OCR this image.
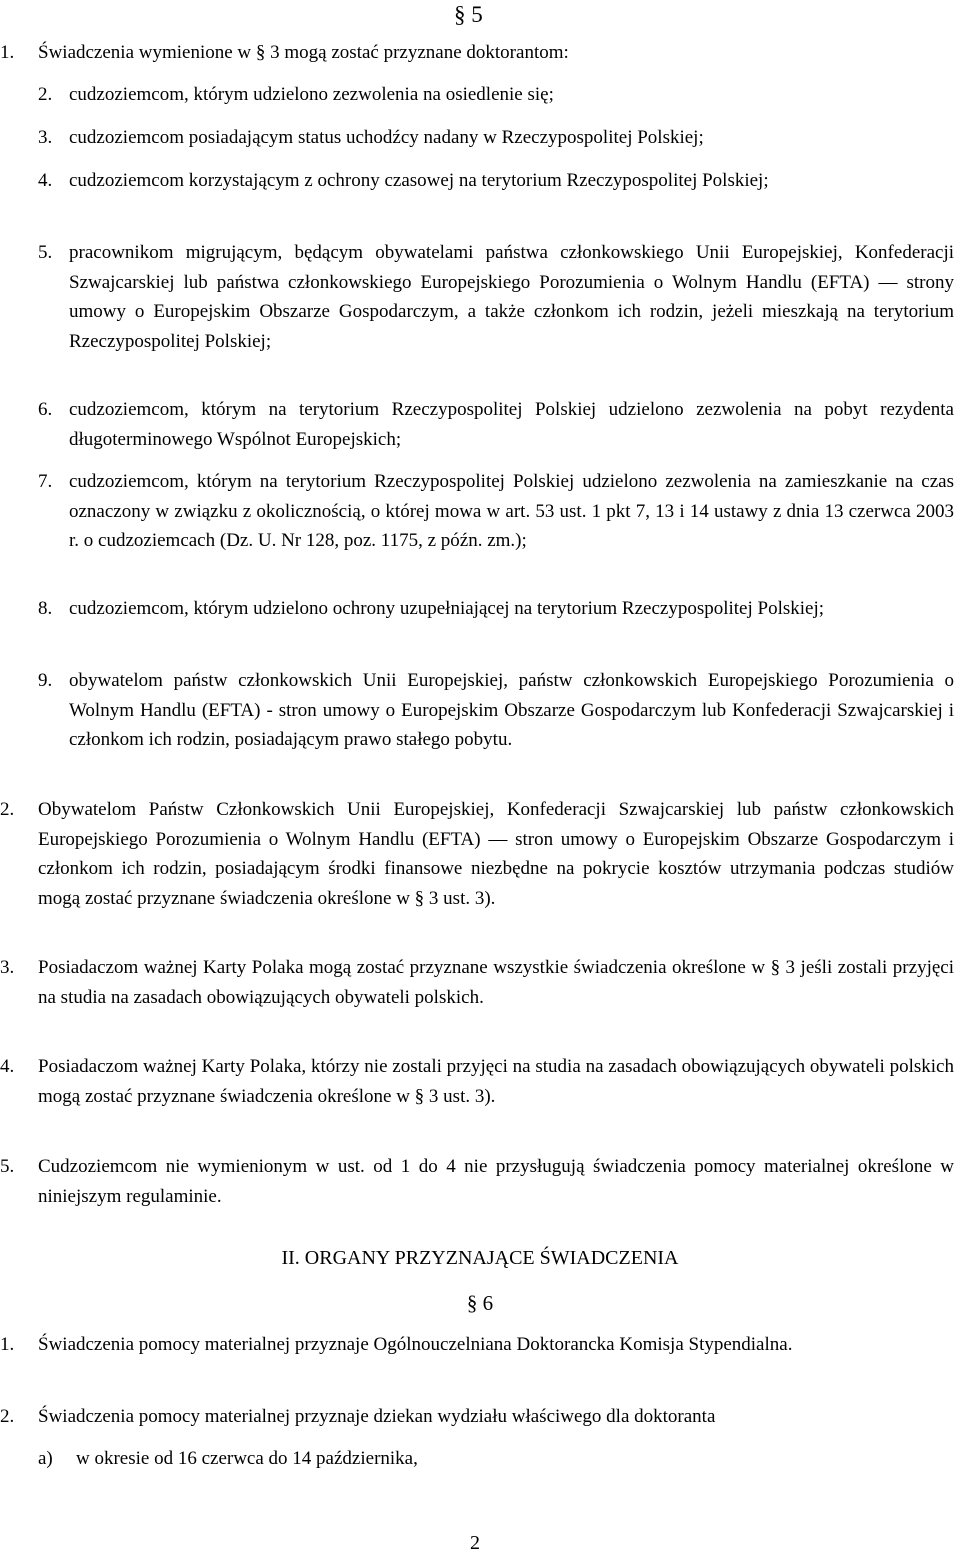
§ 5
1. Świadczenia wymienione w § 3 mogą zostać przyznane doktorantom:
2. cudzoziemcom, którym udzielono zezwolenia na osiedlenie się;
3. cudzoziemcom posiadającym status uchodźcy nadany w Rzeczypospolitej Polskiej;
4. cudzoziemcom korzystającym z ochrony czasowej na terytorium Rzeczypospolitej Polskiej;
5. pracownikom migrującym, będącym obywatelami państwa członkowskiego Unii Europejskiej, Konfederacji Szwajcarskiej lub państwa członkowskiego Europejskiego Porozumienia o Wolnym Handlu (EFTA) — strony umowy o Europejskim Obszarze Gospodarczym, a także członkom ich rodzin, jeżeli mieszkają na terytorium Rzeczypospolitej Polskiej;
6. cudzoziemcom, którym na terytorium Rzeczypospolitej Polskiej udzielono zezwolenia na pobyt rezydenta długoterminowego Wspólnot Europejskich;
7. cudzoziemcom, którym na terytorium Rzeczypospolitej Polskiej udzielono zezwolenia na zamieszkanie na czas oznaczony w związku z okolicznością, o której mowa w art. 53 ust. 1 pkt 7, 13 i 14 ustawy z dnia 13 czerwca 2003 r. o cudzoziemcach (Dz. U. Nr 128, poz. 1175, z późn. zm.);
8. cudzoziemcom, którym udzielono ochrony uzupełniającej na terytorium Rzeczypospolitej Polskiej;
9. obywatelom państw członkowskich Unii Europejskiej, państw członkowskich Europejskiego Porozumienia o Wolnym Handlu (EFTA) - stron umowy o Europejskim Obszarze Gospodarczym lub Konfederacji Szwajcarskiej i członkom ich rodzin, posiadającym prawo stałego pobytu.
2. Obywatelom Państw Członkowskich Unii Europejskiej, Konfederacji Szwajcarskiej lub państw członkowskich Europejskiego Porozumienia o Wolnym Handlu (EFTA) — stron umowy o Europejskim Obszarze Gospodarczym i członkom ich rodzin, posiadającym środki finansowe niezbędne na pokrycie kosztów utrzymania podczas studiów mogą zostać przyznane świadczenia określone w § 3 ust. 3).
3. Posiadaczom ważnej Karty Polaka mogą zostać przyznane wszystkie świadczenia określone w § 3 jeśli zostali przyjęci na studia na zasadach obowiązujących obywateli polskich.
4. Posiadaczom ważnej Karty Polaka, którzy nie zostali przyjęci na studia na zasadach obowiązujących obywateli polskich mogą zostać przyznane świadczenia określone w § 3 ust. 3).
5. Cudzoziemcom nie wymienionym w ust. od 1 do 4 nie przysługują świadczenia pomocy materialnej określone w niniejszym regulaminie.
II. ORGANY PRZYZNAJĄCE ŚWIADCZENIA
§ 6
1. Świadczenia pomocy materialnej przyznaje Ogólnouczelniana Doktorancka Komisja Stypendialna.
2. Świadczenia pomocy materialnej przyznaje dziekan wydziału właściwego dla doktoranta
a) w okresie od 16 czerwca do 14 października,
2
